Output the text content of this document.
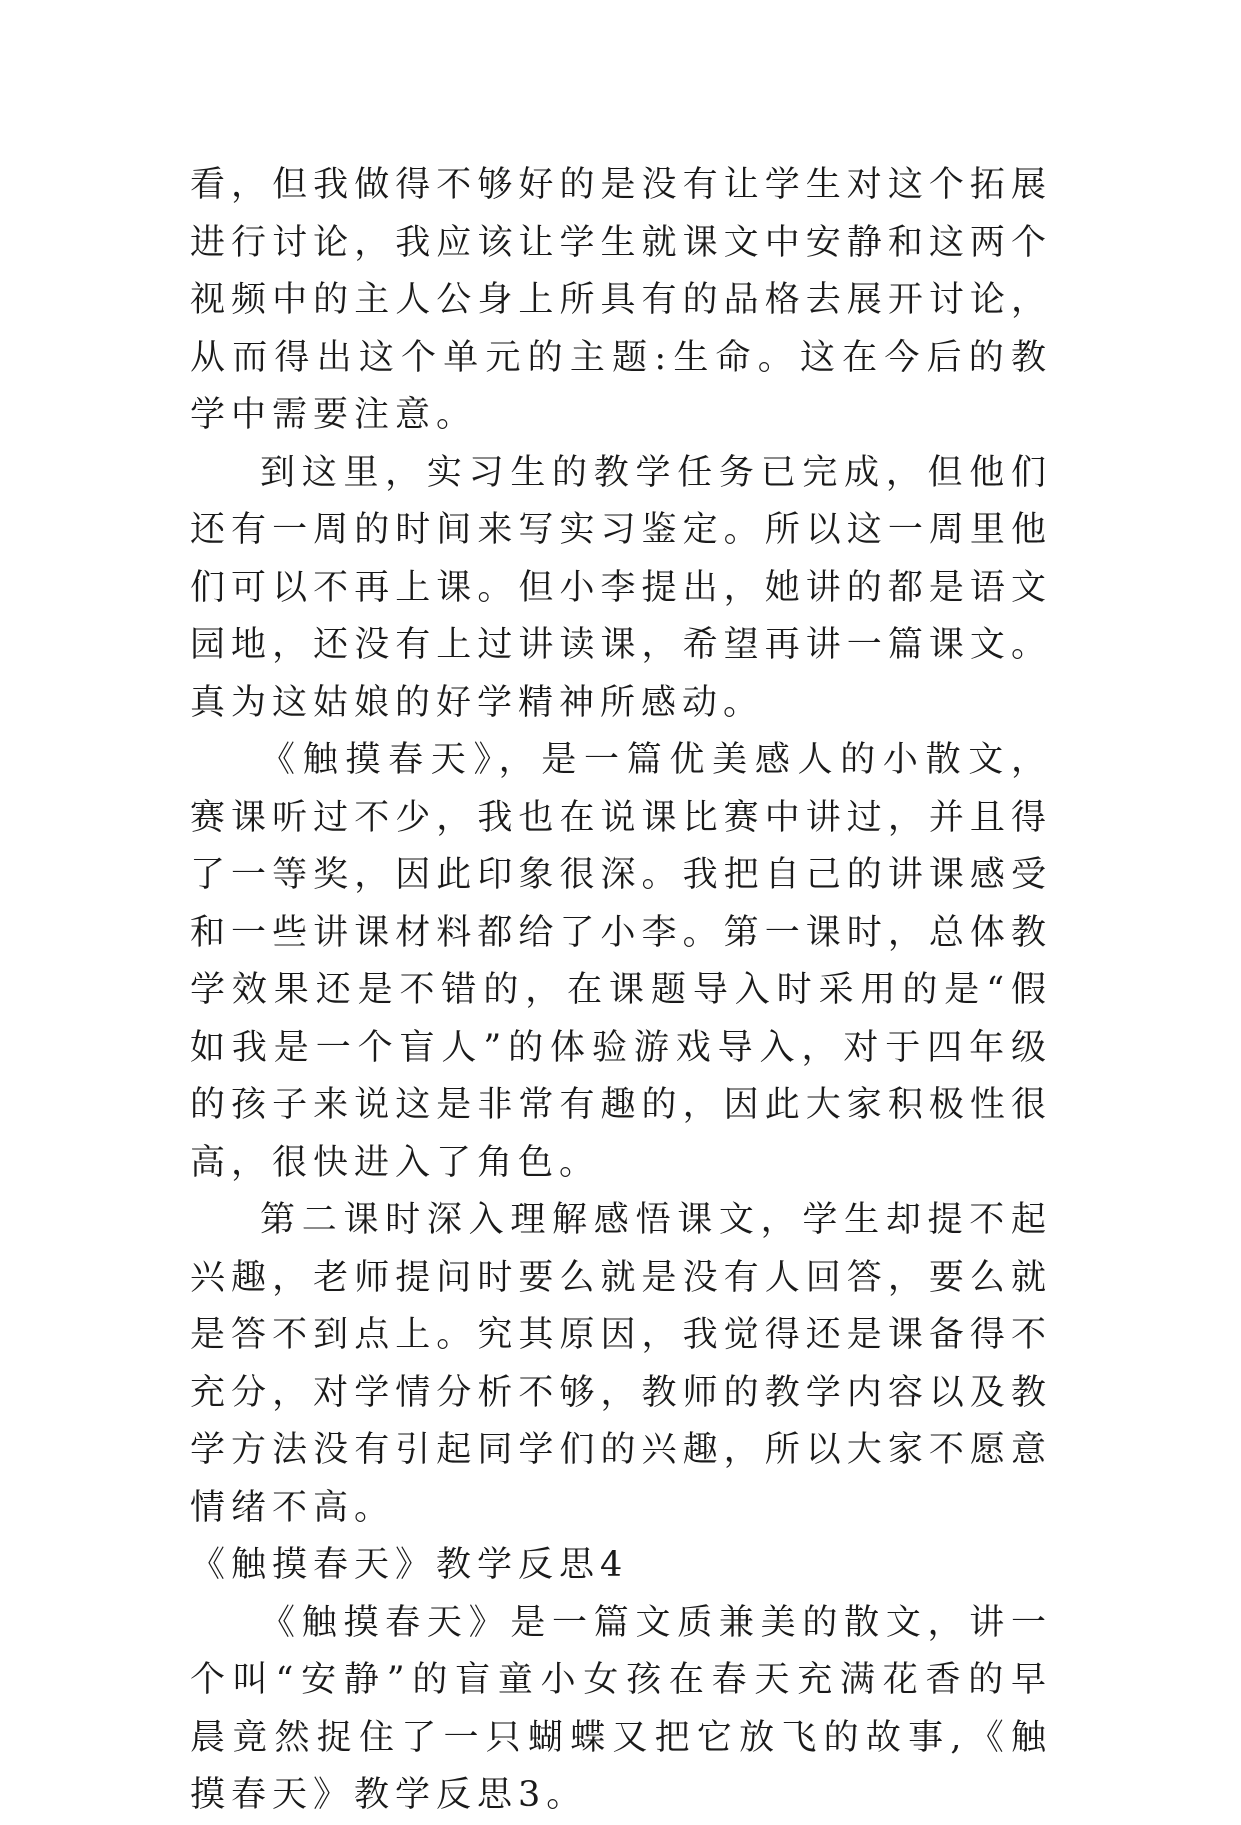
看，但我做得不够好的是没有让学生对这个拓展进行讨论，我应该让学生就课文中安静和这两个视频中的主人公身上所具有的品格去展开讨论，从而得出这个单元的主题:生命。这在今后的教学中需要注意。

到这里，实习生的教学任务已完成，但他们还有一周的时间来写实习鉴定。所以这一周里他们可以不再上课。但小李提出，她讲的都是语文园地，还没有上过讲读课，希望再讲一篇课文。真为这姑娘的好学精神所感动。

《触摸春天》，是一篇优美感人的小散文，赛课听过不少，我也在说课比赛中讲过，并且得了一等奖，因此印象很深。我把自己的讲课感受和一些讲课材料都给了小李。第一课时，总体教学效果还是不错的，在课题导入时采用的是“假如我是一个盲人”的体验游戏导入，对于四年级的孩子来说这是非常有趣的，因此大家积极性很高，很快进入了角色。

第二课时深入理解感悟课文，学生却提不起兴趣，老师提问时要么就是没有人回答，要么就是答不到点上。究其原因，我觉得还是课备得不充分，对学情分析不够，教师的教学内容以及教学方法没有引起同学们的兴趣，所以大家不愿意情绪不高。

《触摸春天》教学反思4

《触摸春天》是一篇文质兼美的散文，讲一个叫“安静”的盲童小女孩在春天充满花香的早晨竟然捉住了一只蝴蝶又把它放飞的故事,《触摸春天》教学反思3。
